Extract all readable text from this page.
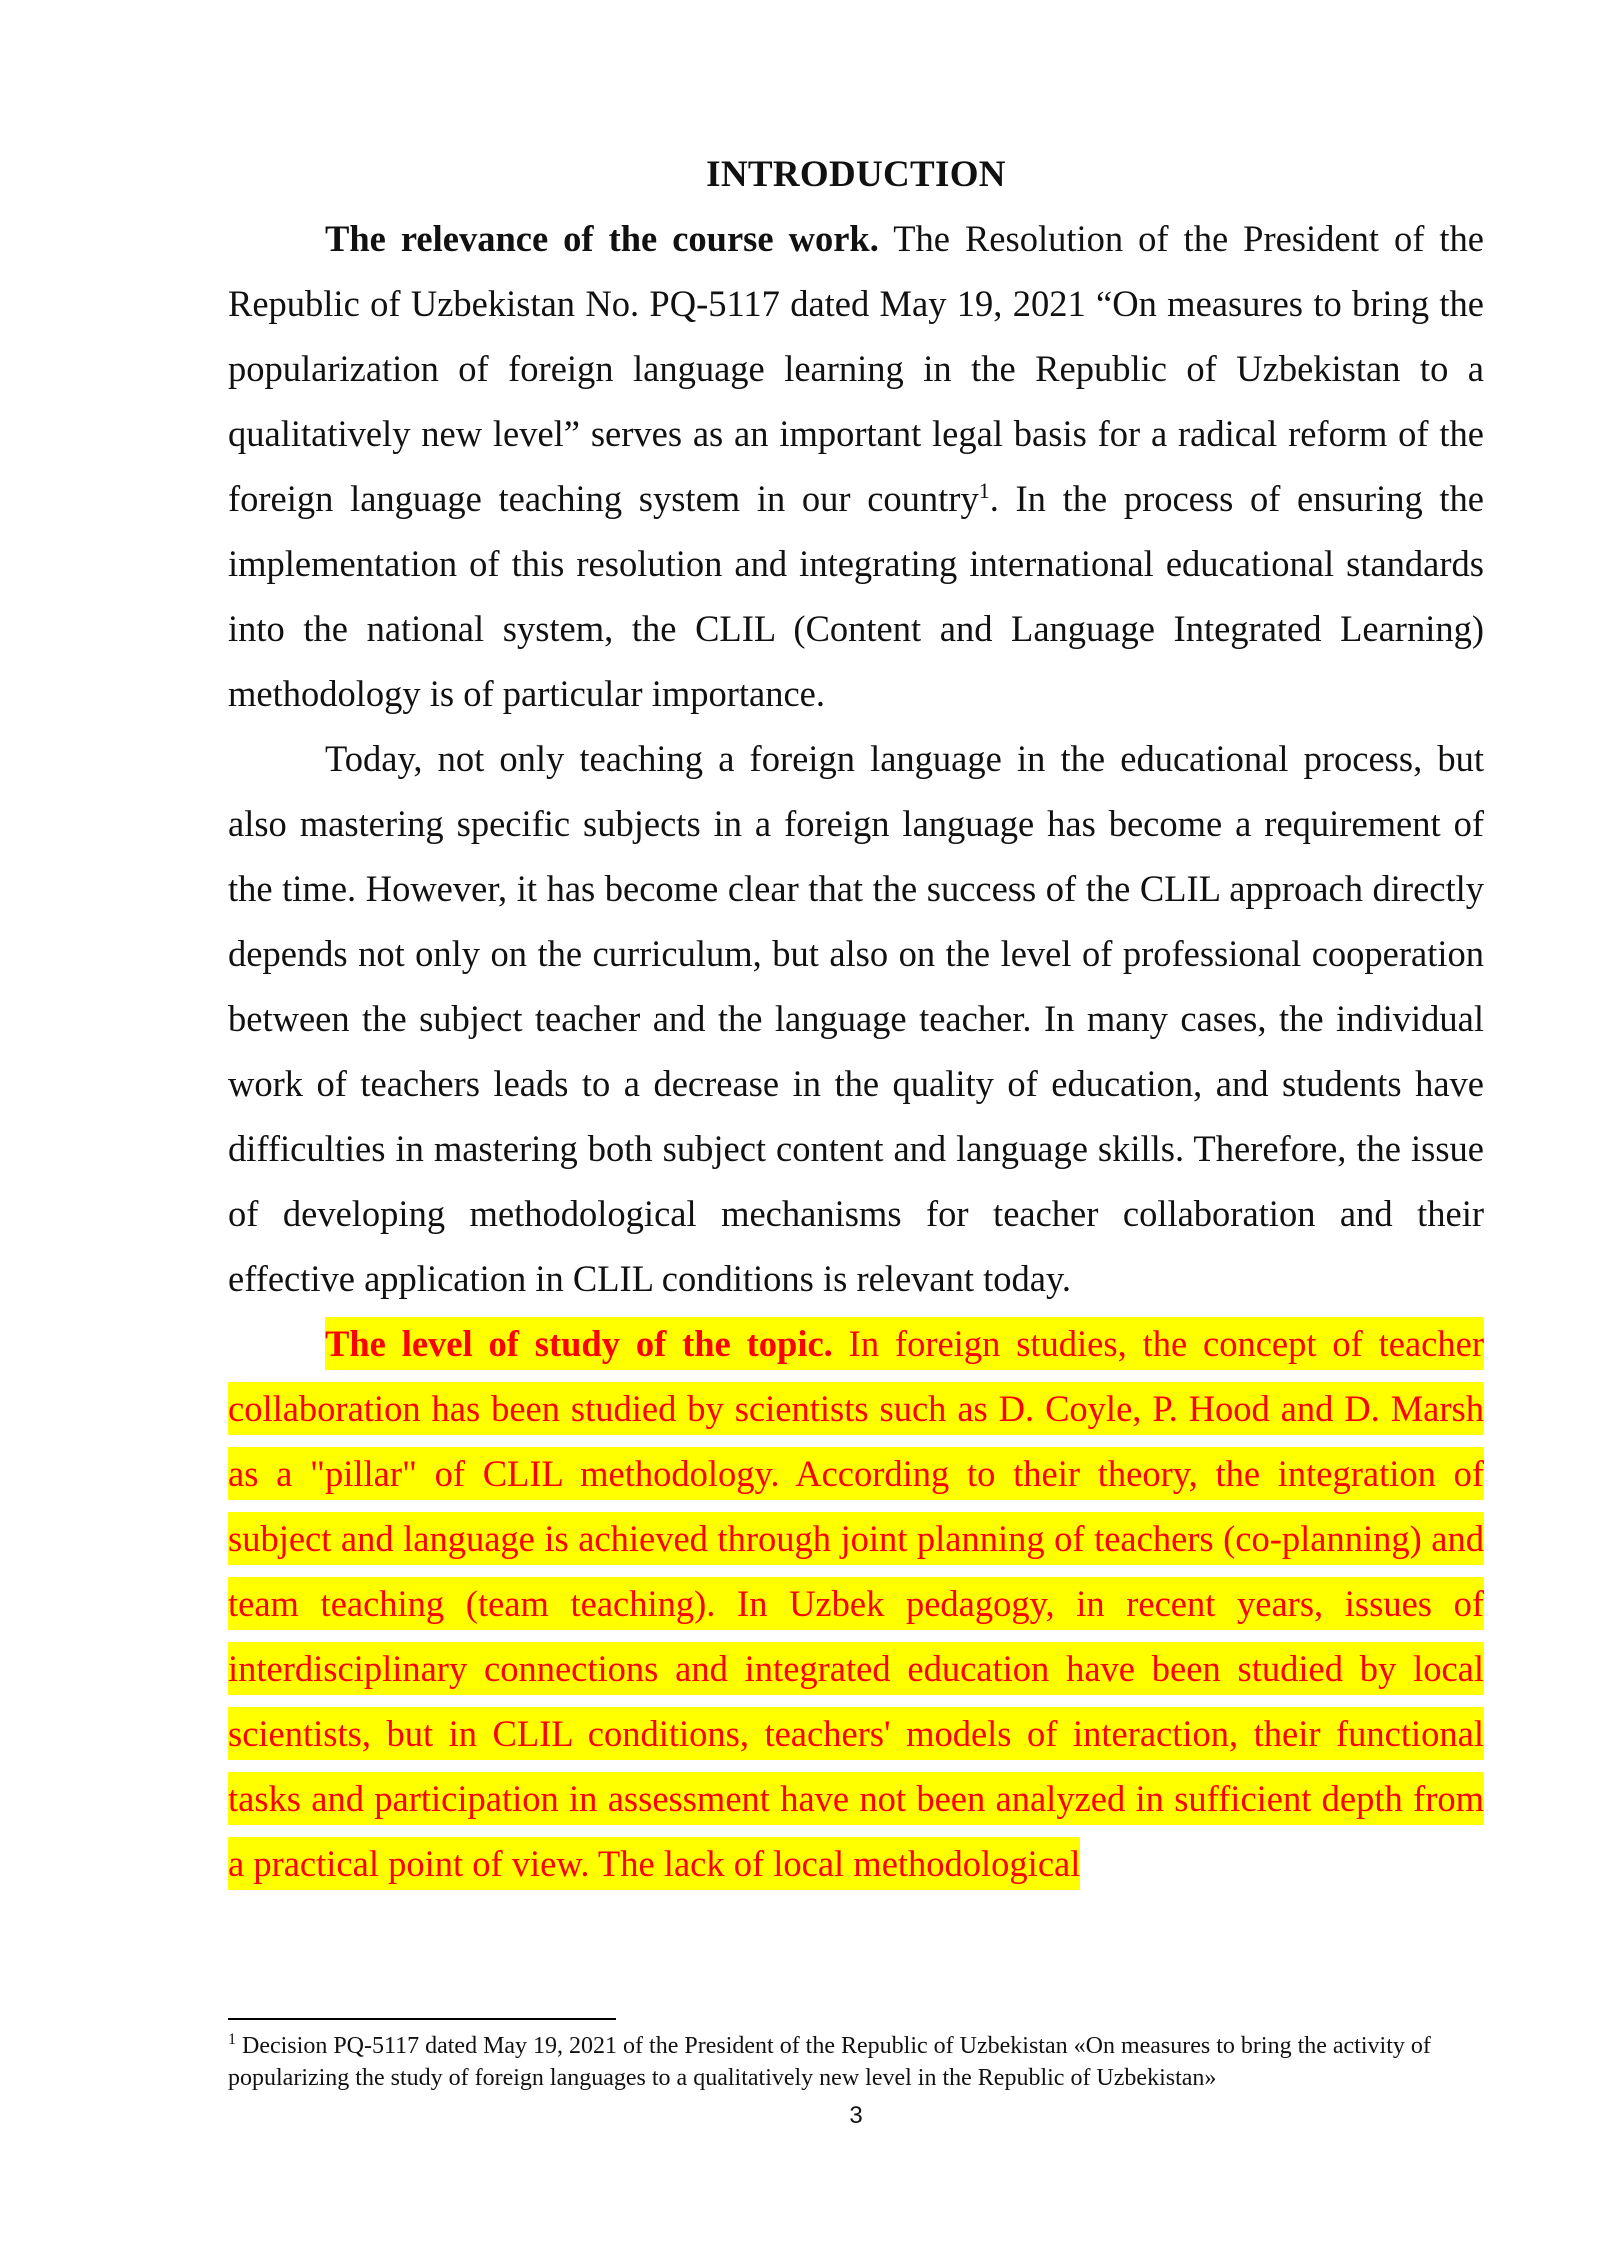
INTRODUCTION

The relevance of the course work. The Resolution of the President of the Republic of Uzbekistan No. PQ-5117 dated May 19, 2021 “On measures to bring the popularization of foreign language learning in the Republic of Uzbekistan to a qualitatively new level” serves as an important legal basis for a radical reform of the foreign language teaching system in our country$^1$. In the process of ensuring the implementation of this resolution and integrating international educational standards into the national system, the CLIL (Content and Language Integrated Learning) methodology is of particular importance.

Today, not only teaching a foreign language in the educational process, but also mastering specific subjects in a foreign language has become a requirement of the time. However, it has become clear that the success of the CLIL approach directly depends not only on the curriculum, but also on the level of professional cooperation between the subject teacher and the language teacher. In many cases, the individual work of teachers leads to a decrease in the quality of education, and students have difficulties in mastering both subject content and language skills. Therefore, the issue of developing methodological mechanisms for teacher collaboration and their effective application in CLIL conditions is relevant today.

The level of study of the topic. In foreign studies, the concept of teacher collaboration has been studied by scientists such as D. Coyle, P. Hood and D. Marsh as a "pillar" of CLIL methodology. According to their theory, the integration of subject and language is achieved through joint planning of teachers (co-planning) and team teaching (team teaching). In Uzbek pedagogy, in recent years, issues of interdisciplinary connections and integrated education have been studied by local scientists, but in CLIL conditions, teachers' models of interaction, their functional tasks and participation in assessment have not been analyzed in sufficient depth from a practical point of view. The lack of local methodological

$^1$ Decision PQ-5117 dated May 19, 2021 of the President of the Republic of Uzbekistan «On measures to bring the activity of popularizing the study of foreign languages to a qualitatively new level in the Republic of Uzbekistan»
3
